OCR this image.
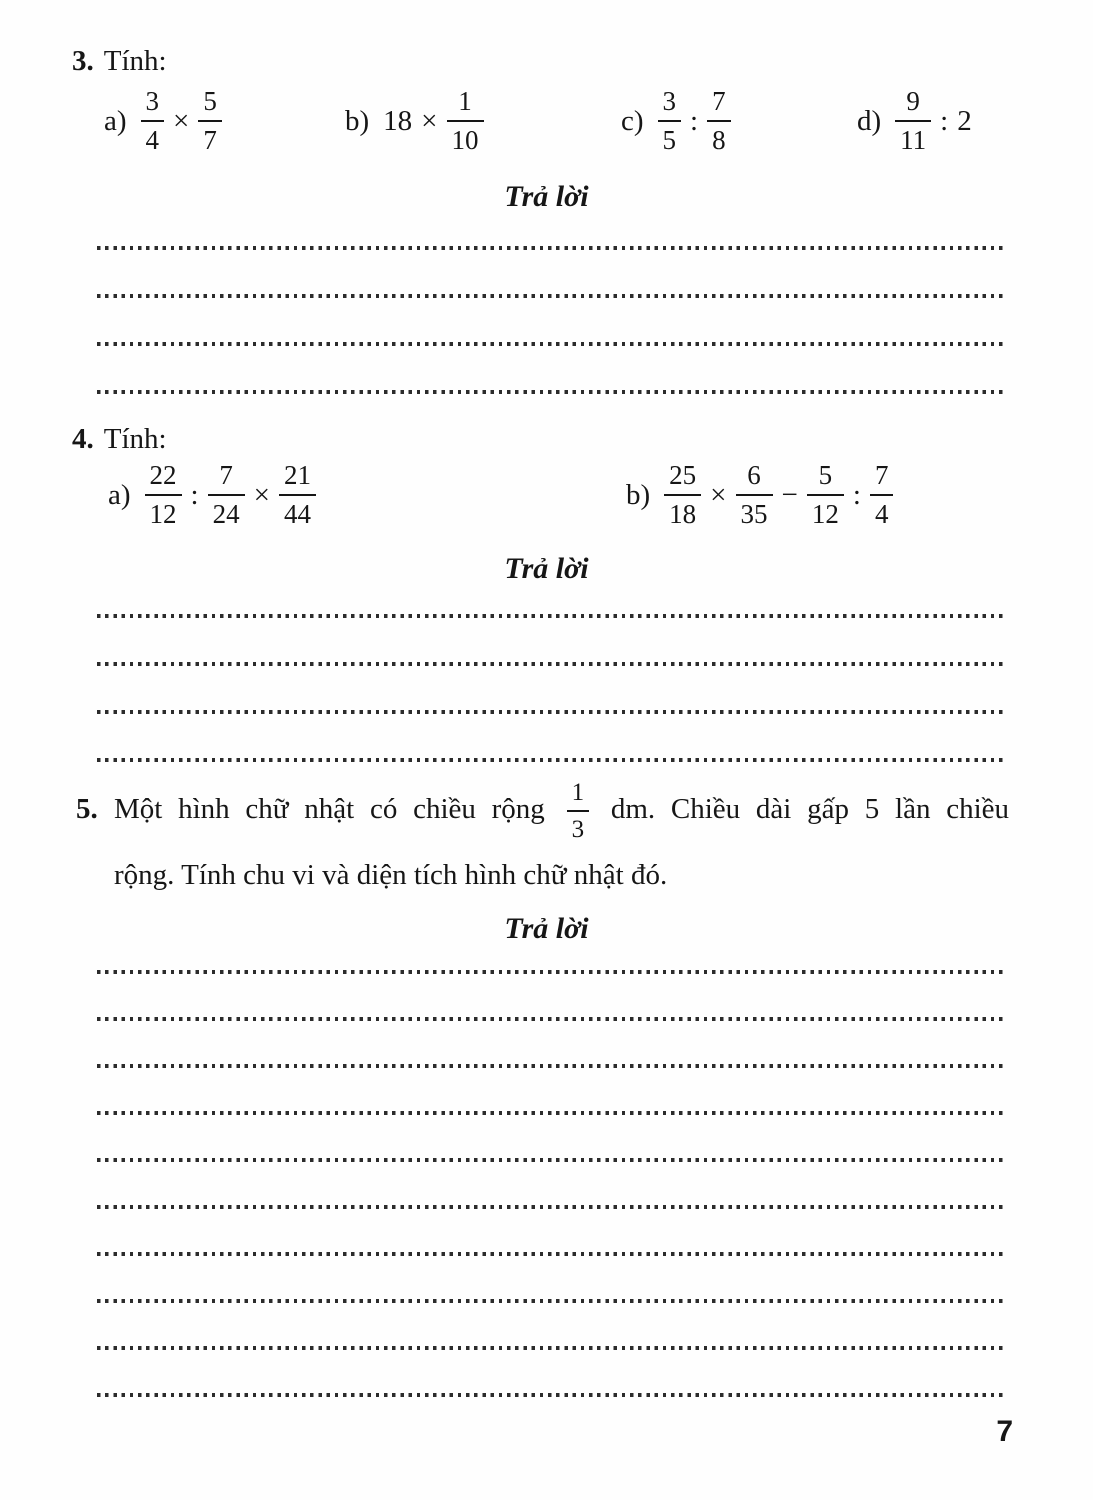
3. Tính:
$a) \frac{3}{4} \times \frac{5}{7}$	b) $18 \times \frac{1}{10}$	$c) \frac{3}{5}$ : $\frac{7}{8}$	$d) \frac{9}{11}$ : 2
Trả lời
4. Tính:
$a) \frac{22}{12}$ : $\frac{7}{24} \times \frac{21}{44}$	$b) \frac{25}{18} \times \frac{6}{35} - \frac{5}{12}$ : $\frac{7}{4}$
Trả lời
5. Một hình chữ nhật có chiều rộng $\frac{1}{3}$ dm. Chiều dài gấp 5 lần chiều
rộng. Tính chu vi và diện tích hình chữ nhật đó.
Trả lời
7
